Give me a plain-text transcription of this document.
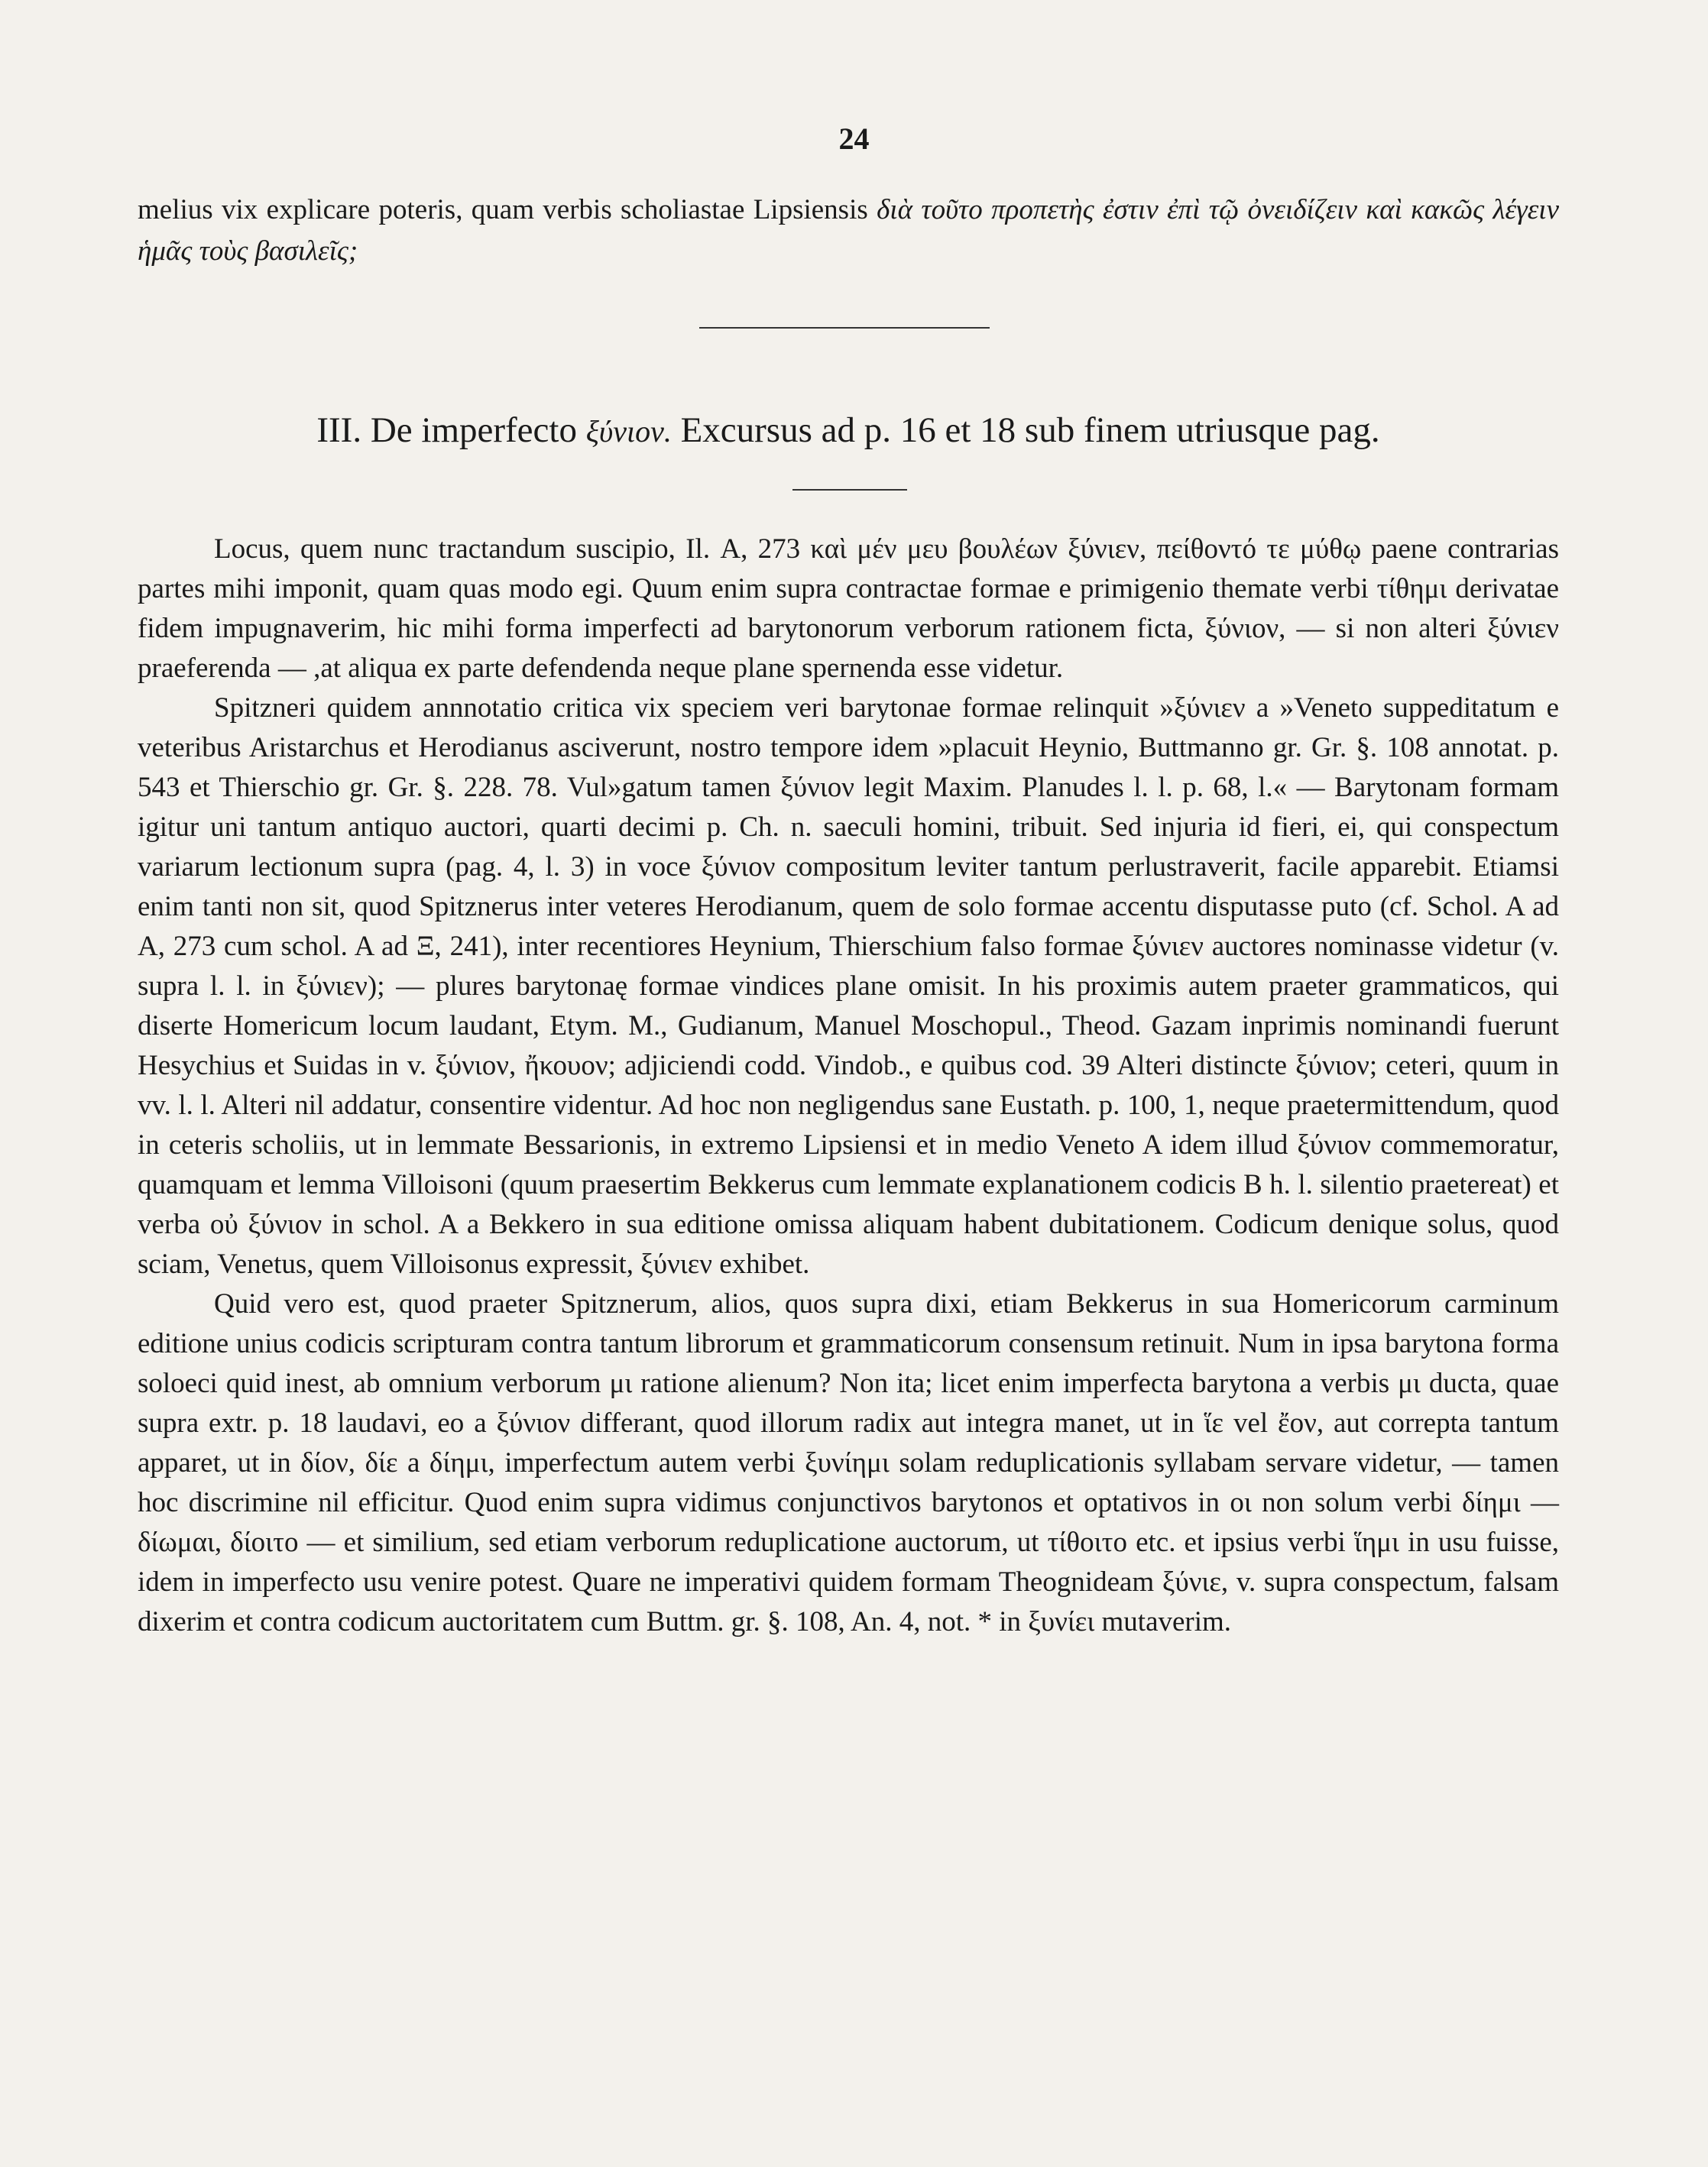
24
melius vix explicare poteris, quam verbis scholiastae Lipsiensis διὰ τοῦτο προπετὴς ἐστιν ἐπὶ τῷ ὀνειδίζειν καὶ κακῶς λέγειν ἡμᾶς τοὺς βασιλεῖς;
III. De imperfecto ξύνιον. Excursus ad p. 16 et 18 sub finem utriusque pag.

Locus, quem nunc tractandum suscipio, Il. Α, 273 καὶ μέν μευ βουλέων ξύνιεν, πείθοντό τε μύθῳ paene contrarias partes mihi imponit, quam quas modo egi. Quum enim supra contractae formae e primigenio themate verbi τίθημι derivatae fidem impugnaverim, hic mihi forma imperfecti ad barytonorum verborum rationem ficta, ξύνιον, — si non alteri ξύνιεν praeferenda — ,at aliqua ex parte defendenda neque plane spernenda esse videtur.

Spitzneri quidem annnotatio critica vix speciem veri barytonae formae relinquit »ξύνιεν a »Veneto suppeditatum e veteribus Aristarchus et Herodianus asciverunt, nostro tempore idem »placuit Heynio, Buttmanno gr. Gr. §. 108 annotat. p. 543 et Thierschio gr. Gr. §. 228. 78. Vul»gatum tamen ξύνιον legit Maxim. Planudes l. l. p. 68, l.« — Barytonam formam igitur uni tantum antiquo auctori, quarti decimi p. Ch. n. saeculi homini, tribuit. Sed injuria id fieri, ei, qui conspectum variarum lectionum supra (pag. 4, l. 3) in voce ξύνιον compositum leviter tantum perlustraverit, facile apparebit. Etiamsi enim tanti non sit, quod Spitznerus inter veteres Herodianum, quem de solo formae accentu disputasse puto (cf. Schol. A ad Α, 273 cum schol. A ad Ξ, 241), inter recentiores Heynium, Thierschium falso formae ξύνιεν auctores nominasse videtur (v. supra l. l. in ξύνιεν); — plures barytonaę formae vindices plane omisit. In his proximis autem praeter grammaticos, qui diserte Homericum locum laudant, Etym. M., Gudianum, Manuel Moschopul., Theod. Gazam inprimis nominandi fuerunt Hesychius et Suidas in v. ξύνιον, ἤκουον; adjiciendi codd. Vindob., e quibus cod. 39 Alteri distincte ξύνιον; ceteri, quum in vv. l. l. Alteri nil addatur, consentire videntur. Ad hoc non negligendus sane Eustath. p. 100, 1, neque praetermittendum, quod in ceteris scholiis, ut in lemmate Bessarionis, in extremo Lipsiensi et in medio Veneto A idem illud ξύνιον commemoratur, quamquam et lemma Villoisoni (quum praesertim Bekkerus cum lemmate explanationem codicis B h. l. silentio praetereat) et verba οὐ ξύνιον in schol. A a Bekkero in sua editione omissa aliquam habent dubitationem. Codicum denique solus, quod sciam, Venetus, quem Villoisonus expressit, ξύνιεν exhibet.

Quid vero est, quod praeter Spitznerum, alios, quos supra dixi, etiam Bekkerus in sua Homericorum carminum editione unius codicis scripturam contra tantum librorum et grammaticorum consensum retinuit. Num in ipsa barytona forma soloeci quid inest, ab omnium verborum μι ratione alienum? Non ita; licet enim imperfecta barytona a verbis μι ducta, quae supra extr. p. 18 laudavi, eo a ξύνιον differant, quod illorum radix aut integra manet, ut in ἵε vel ἔον, aut correpta tantum apparet, ut in δίον, δίε a δίημι, imperfectum autem verbi ξυνίημι solam reduplicationis syllabam servare videtur, — tamen hoc discrimine nil efficitur. Quod enim supra vidimus conjunctivos barytonos et optativos in οι non solum verbi δίημι — δίωμαι, δίοιτο — et similium, sed etiam verborum reduplicatione auctorum, ut τίθοιτο etc. et ipsius verbi ἵημι in usu fuisse, idem in imperfecto usu venire potest. Quare ne imperativi quidem formam Theognideam ξύνιε, v. supra conspectum, falsam dixerim et contra codicum auctoritatem cum Buttm. gr. §. 108, An. 4, not. * in ξυνίει mutaverim.
